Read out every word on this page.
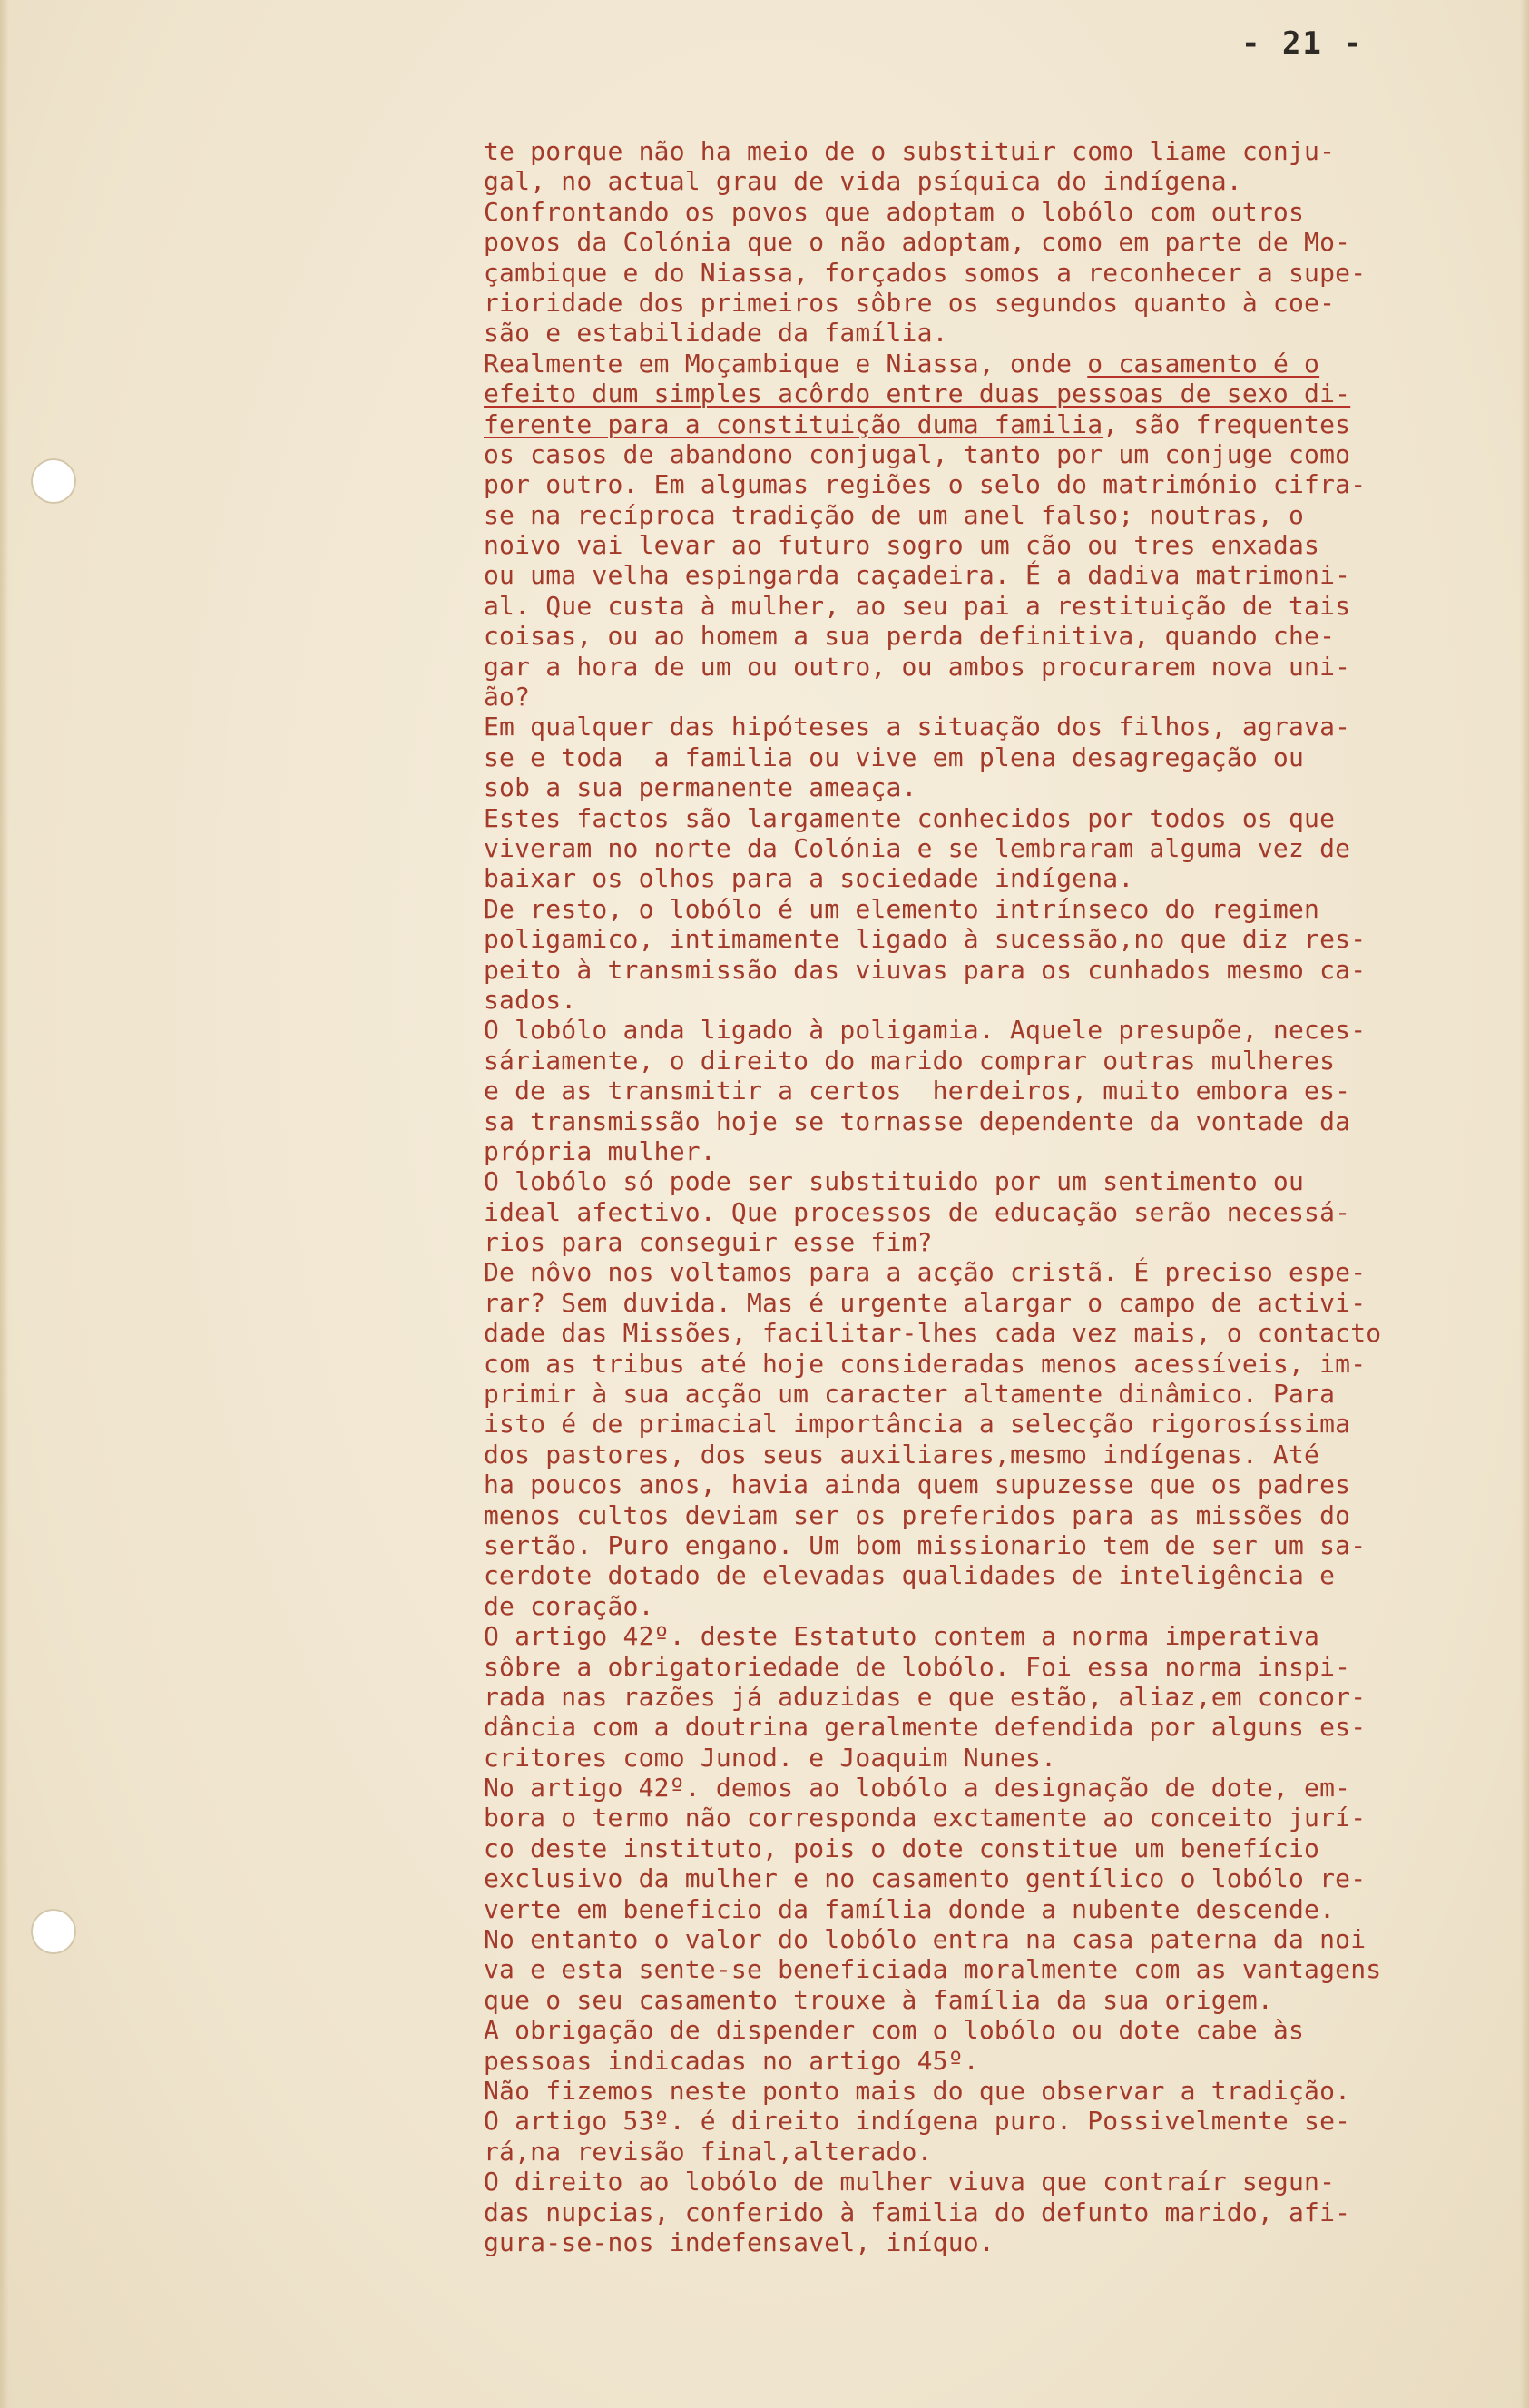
- 21 -
te porque não ha meio de o substituir como liame conju-
gal, no actual grau de vida psíquica do indígena.
Confrontando os povos que adoptam o lobólo com outros
povos da Colónia que o não adoptam, como em parte de Mo-
çambique e do Niassa, forçados somos a reconhecer a supe-
rioridade dos primeiros sôbre os segundos quanto à coe-
são e estabilidade da família.
Realmente em Moçambique e Niassa, onde o casamento é o
efeito dum simples acôrdo entre duas pessoas de sexo di-
ferente para a constituição duma familia, são frequentes
os casos de abandono conjugal, tanto por um conjuge como
por outro. Em algumas regiões o selo do matrimónio cifra-
se na recíproca tradição de um anel falso; noutras, o
noivo vai levar ao futuro sogro um cão ou tres enxadas
ou uma velha espingarda caçadeira. É a dadiva matrimoni-
al. Que custa à mulher, ao seu pai a restituição de tais
coisas, ou ao homem a sua perda definitiva, quando che-
gar a hora de um ou outro, ou ambos procurarem nova uni-
ão?
Em qualquer das hipóteses a situação dos filhos, agrava-
se e toda  a familia ou vive em plena desagregação ou
sob a sua permanente ameaça.
Estes factos são largamente conhecidos por todos os que
viveram no norte da Colónia e se lembraram alguma vez de
baixar os olhos para a sociedade indígena.
De resto, o lobólo é um elemento intrínseco do regimen
poligamico, intimamente ligado à sucessão,no que diz res-
peito à transmissão das viuvas para os cunhados mesmo ca-
sados.
O lobólo anda ligado à poligamia. Aquele presupõe, neces-
sáriamente, o direito do marido comprar outras mulheres
e de as transmitir a certos  herdeiros, muito embora es-
sa transmissão hoje se tornasse dependente da vontade da
própria mulher.
O lobólo só pode ser substituido por um sentimento ou
ideal afectivo. Que processos de educação serão necessá-
rios para conseguir esse fim?
De nôvo nos voltamos para a acção cristã. É preciso espe-
rar? Sem duvida. Mas é urgente alargar o campo de activi-
dade das Missões, facilitar-lhes cada vez mais, o contacto
com as tribus até hoje consideradas menos acessíveis, im-
primir à sua acção um caracter altamente dinâmico. Para
isto é de primacial importância a selecção rigorosíssima
dos pastores, dos seus auxiliares,mesmo indígenas. Até
ha poucos anos, havia ainda quem supuzesse que os padres
menos cultos deviam ser os preferidos para as missões do
sertão. Puro engano. Um bom missionario tem de ser um sa-
cerdote dotado de elevadas qualidades de inteligência e
de coração.
O artigo 42º. deste Estatuto contem a norma imperativa
sôbre a obrigatoriedade de lobólo. Foi essa norma inspi-
rada nas razões já aduzidas e que estão, aliaz,em concor-
dância com a doutrina geralmente defendida por alguns es-
critores como Junod. e Joaquim Nunes.
No artigo 42º. demos ao lobólo a designação de dote, em-
bora o termo não corresponda exctamente ao conceito jurí-
co deste instituto, pois o dote constitue um benefício
exclusivo da mulher e no casamento gentílico o lobólo re-
verte em beneficio da família donde a nubente descende.
No entanto o valor do lobólo entra na casa paterna da noi
va e esta sente-se beneficiada moralmente com as vantagens
que o seu casamento trouxe à família da sua origem.
A obrigação de dispender com o lobólo ou dote cabe às
pessoas indicadas no artigo 45º.
Não fizemos neste ponto mais do que observar a tradição.
O artigo 53º. é direito indígena puro. Possivelmente se-
rá,na revisão final,alterado.
O direito ao lobólo de mulher viuva que contraír segun-
das nupcias, conferido à familia do defunto marido, afi-
gura-se-nos indefensavel, iníquo.
